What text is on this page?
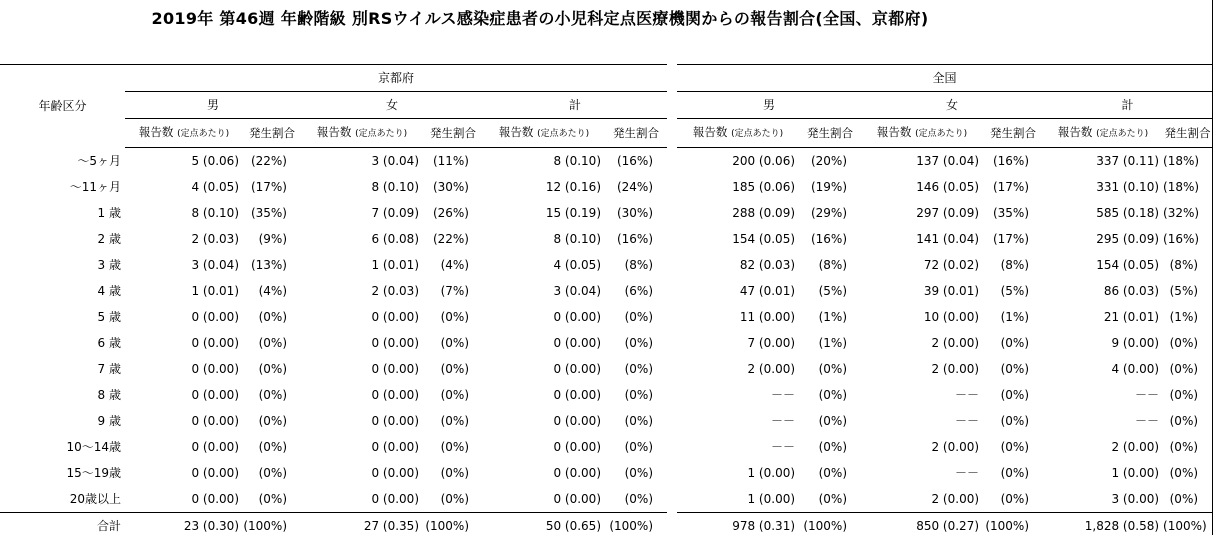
2019年 第46週 年齢階級 別RSウイルス感染症患者の小児科定点医療機関からの報告割合(全国、京都府)
年齢区分	京都府							全国					
	男		女		計			男		女		計	
	報告数 (定点あたり)	発生割合	報告数 (定点あたり)	発生割合	報告数 (定点あたり)	発生割合		報告数 (定点あたり)	発生割合	報告数 (定点あたり)	発生割合	報告数 (定点あたり)	発生割合
～5ヶ月	5 (0.06)	(22%)	3 (0.04)	(11%)	8 (0.10)	(16%)		200 (0.06)	(20%)	137 (0.04)	(16%)	337 (0.11)	(18%)
～11ヶ月	4 (0.05)	(17%)	8 (0.10)	(30%)	12 (0.16)	(24%)		185 (0.06)	(19%)	146 (0.05)	(17%)	331 (0.10)	(18%)
1 歳	8 (0.10)	(35%)	7 (0.09)	(26%)	15 (0.19)	(30%)		288 (0.09)	(29%)	297 (0.09)	(35%)	585 (0.18)	(32%)
2 歳	2 (0.03)	(9%)	6 (0.08)	(22%)	8 (0.10)	(16%)		154 (0.05)	(16%)	141 (0.04)	(17%)	295 (0.09)	(16%)
3 歳	3 (0.04)	(13%)	1 (0.01)	(4%)	4 (0.05)	(8%)		82 (0.03)	(8%)	72 (0.02)	(8%)	154 (0.05)	(8%)
4 歳	1 (0.01)	(4%)	2 (0.03)	(7%)	3 (0.04)	(6%)		47 (0.01)	(5%)	39 (0.01)	(5%)	86 (0.03)	(5%)
5 歳	0 (0.00)	(0%)	0 (0.00)	(0%)	0 (0.00)	(0%)		11 (0.00)	(1%)	10 (0.00)	(1%)	21 (0.01)	(1%)
6 歳	0 (0.00)	(0%)	0 (0.00)	(0%)	0 (0.00)	(0%)		7 (0.00)	(1%)	2 (0.00)	(0%)	9 (0.00)	(0%)
7 歳	0 (0.00)	(0%)	0 (0.00)	(0%)	0 (0.00)	(0%)		2 (0.00)	(0%)	2 (0.00)	(0%)	4 (0.00)	(0%)
8 歳	0 (0.00)	(0%)	0 (0.00)	(0%)	0 (0.00)	(0%)		－－	(0%)	－－	(0%)	－－	(0%)
9 歳	0 (0.00)	(0%)	0 (0.00)	(0%)	0 (0.00)	(0%)		－－	(0%)	－－	(0%)	－－	(0%)
10～14歳	0 (0.00)	(0%)	0 (0.00)	(0%)	0 (0.00)	(0%)		－－	(0%)	2 (0.00)	(0%)	2 (0.00)	(0%)
15～19歳	0 (0.00)	(0%)	0 (0.00)	(0%)	0 (0.00)	(0%)		1 (0.00)	(0%)	－－	(0%)	1 (0.00)	(0%)
20歳以上	0 (0.00)	(0%)	0 (0.00)	(0%)	0 (0.00)	(0%)		1 (0.00)	(0%)	2 (0.00)	(0%)	3 (0.00)	(0%)
合計	23 (0.30)	(100%)	27 (0.35)	(100%)	50 (0.65)	(100%)		978 (0.31)	(100%)	850 (0.27)	(100%)	1,828 (0.58)	(100%)
